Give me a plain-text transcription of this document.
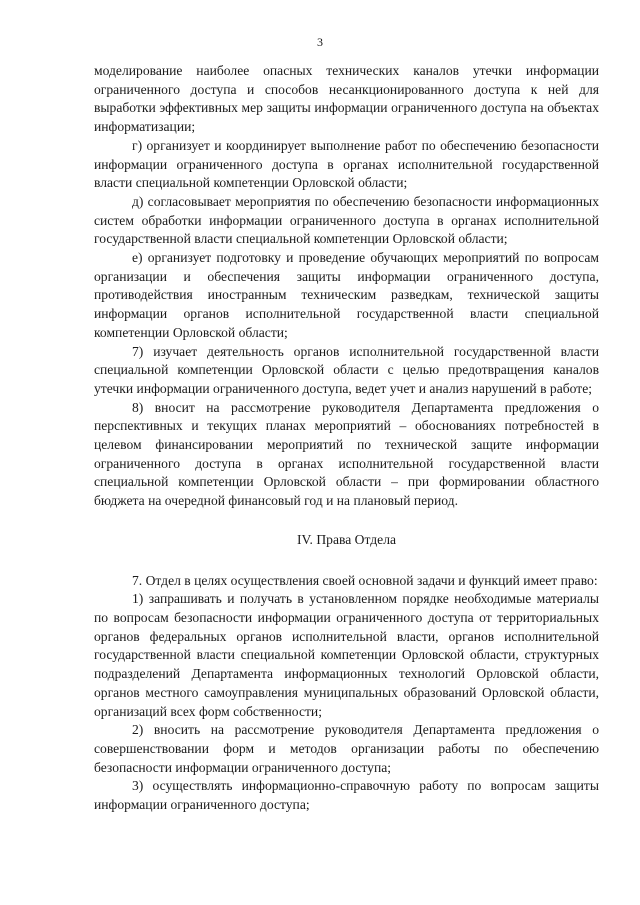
3

моделирование наиболее опасных технических каналов утечки информации ограниченного доступа и способов несанкционированного доступа к ней для выработки эффективных мер защиты информации ограниченного доступа на объектах информатизации;

г) организует и координирует выполнение работ по обеспечению безопасности информации ограниченного доступа в органах исполнительной государственной власти специальной компетенции Орловской области;

д) согласовывает мероприятия по обеспечению безопасности информационных систем обработки информации ограниченного доступа в органах исполнительной государственной власти специальной компетенции Орловской области;

е) организует подготовку и проведение обучающих мероприятий по вопросам организации и обеспечения защиты информации ограниченного доступа, противодействия иностранным техническим разведкам, технической защиты информации органов исполнительной государственной власти специальной компетенции Орловской области;

7) изучает деятельность органов исполнительной государственной власти специальной компетенции Орловской области с целью предотвращения каналов утечки информации ограниченного доступа, ведет учет и анализ нарушений в работе;

8) вносит на рассмотрение руководителя Департамента предложения о перспективных и текущих планах мероприятий – обоснованиях потребностей в целевом финансировании мероприятий по технической защите информации ограниченного доступа в органах исполнительной государственной власти специальной компетенции Орловской области – при формировании областного бюджета на очередной финансовый год и на плановый период.

IV. Права Отдела

7. Отдел в целях осуществления своей основной задачи и функций имеет право:

1) запрашивать и получать в установленном порядке необходимые материалы по вопросам безопасности информации ограниченного доступа от территориальных органов федеральных органов исполнительной власти, органов исполнительной государственной власти специальной компетенции Орловской области, структурных подразделений Департамента информационных технологий Орловской области, органов местного самоуправления муниципальных образований Орловской области, организаций всех форм собственности;

2) вносить на рассмотрение руководителя Департамента предложения о совершенствовании форм и методов организации работы по обеспечению безопасности информации ограниченного доступа;

3) осуществлять информационно-справочную работу по вопросам защиты информации ограниченного доступа;
